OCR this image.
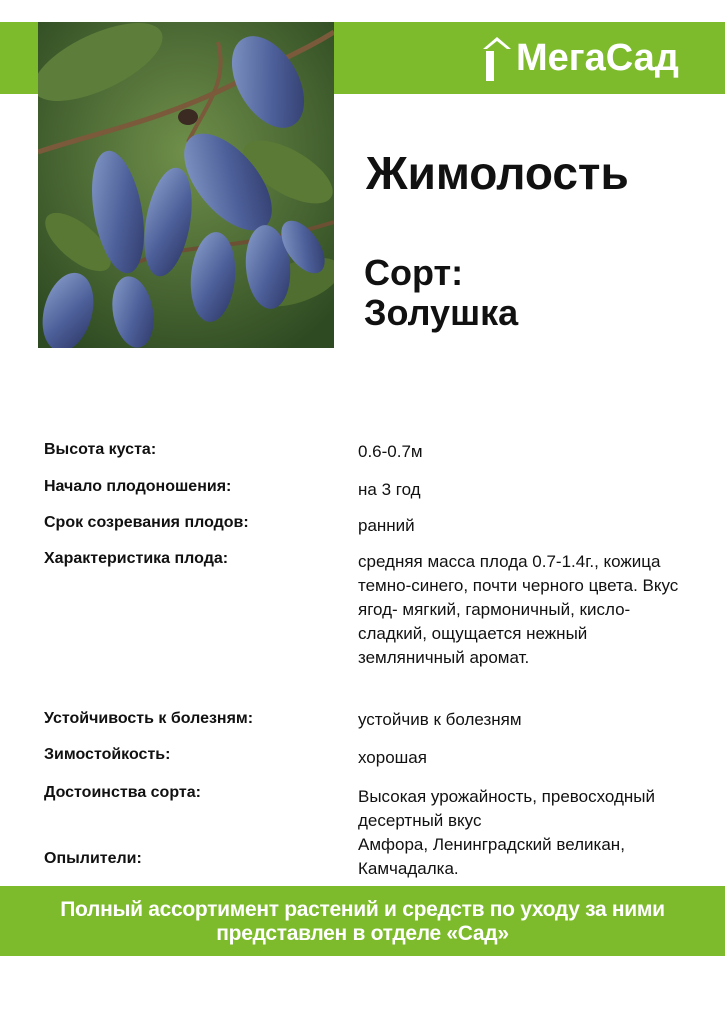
МегаСад
Жимолость
Сорт:
Золушка
Высота куста:	0.6-0.7м
Начало плодоношения:	на 3 год
Срок созревания плодов:	ранний
Характеристика плода:	средняя масса плода 0.7-1.4г., кожица темно-синего, почти черного цвета. Вкус ягод- мягкий, гармоничный, кисло-сладкий, ощущается нежный земляничный аромат.
Устойчивость к болезням:	устойчив к болезням
Зимостойкость:	хорошая
Достоинства сорта:	Высокая урожайность, превосходный десертный вкус
Опылители:
Амфора, Ленинградский великан, Камчадалка.
Полный ассортимент растений и средств по уходу за ними
представлен в отделе «Сад»
